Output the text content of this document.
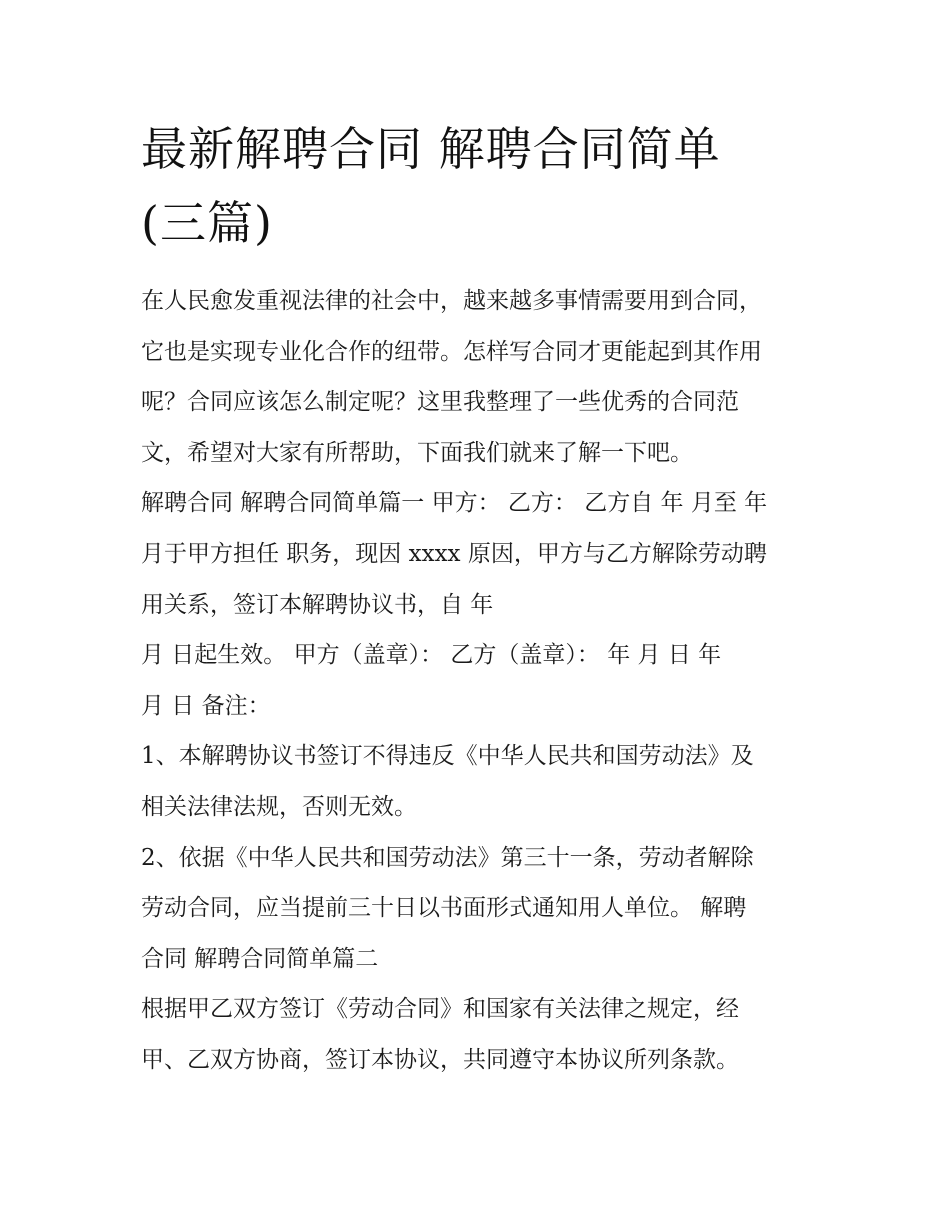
最新解聘合同 解聘合同简单
(三篇)
在人民愈发重视法律的社会中，越来越多事情需要用到合同，
它也是实现专业化合作的纽带。怎样写合同才更能起到其作用
呢？合同应该怎么制定呢？这里我整理了一些优秀的合同范
文，希望对大家有所帮助，下面我们就来了解一下吧。
解聘合同 解聘合同简单篇一 甲方： 乙方： 乙方自 年 月至 年
月于甲方担任 职务，现因 xxxx 原因，甲方与乙方解除劳动聘
用关系，签订本解聘协议书，自 年
月 日起生效。 甲方（盖章）： 乙方（盖章）： 年 月 日 年
月 日 备注：
1、本解聘协议书签订不得违反《中华人民共和国劳动法》及
相关法律法规，否则无效。
2、依据《中华人民共和国劳动法》第三十一条，劳动者解除
劳动合同，应当提前三十日以书面形式通知用人单位。 解聘
合同 解聘合同简单篇二
根据甲乙双方签订《劳动合同》和国家有关法律之规定，经
甲、乙双方协商，签订本协议，共同遵守本协议所列条款。
